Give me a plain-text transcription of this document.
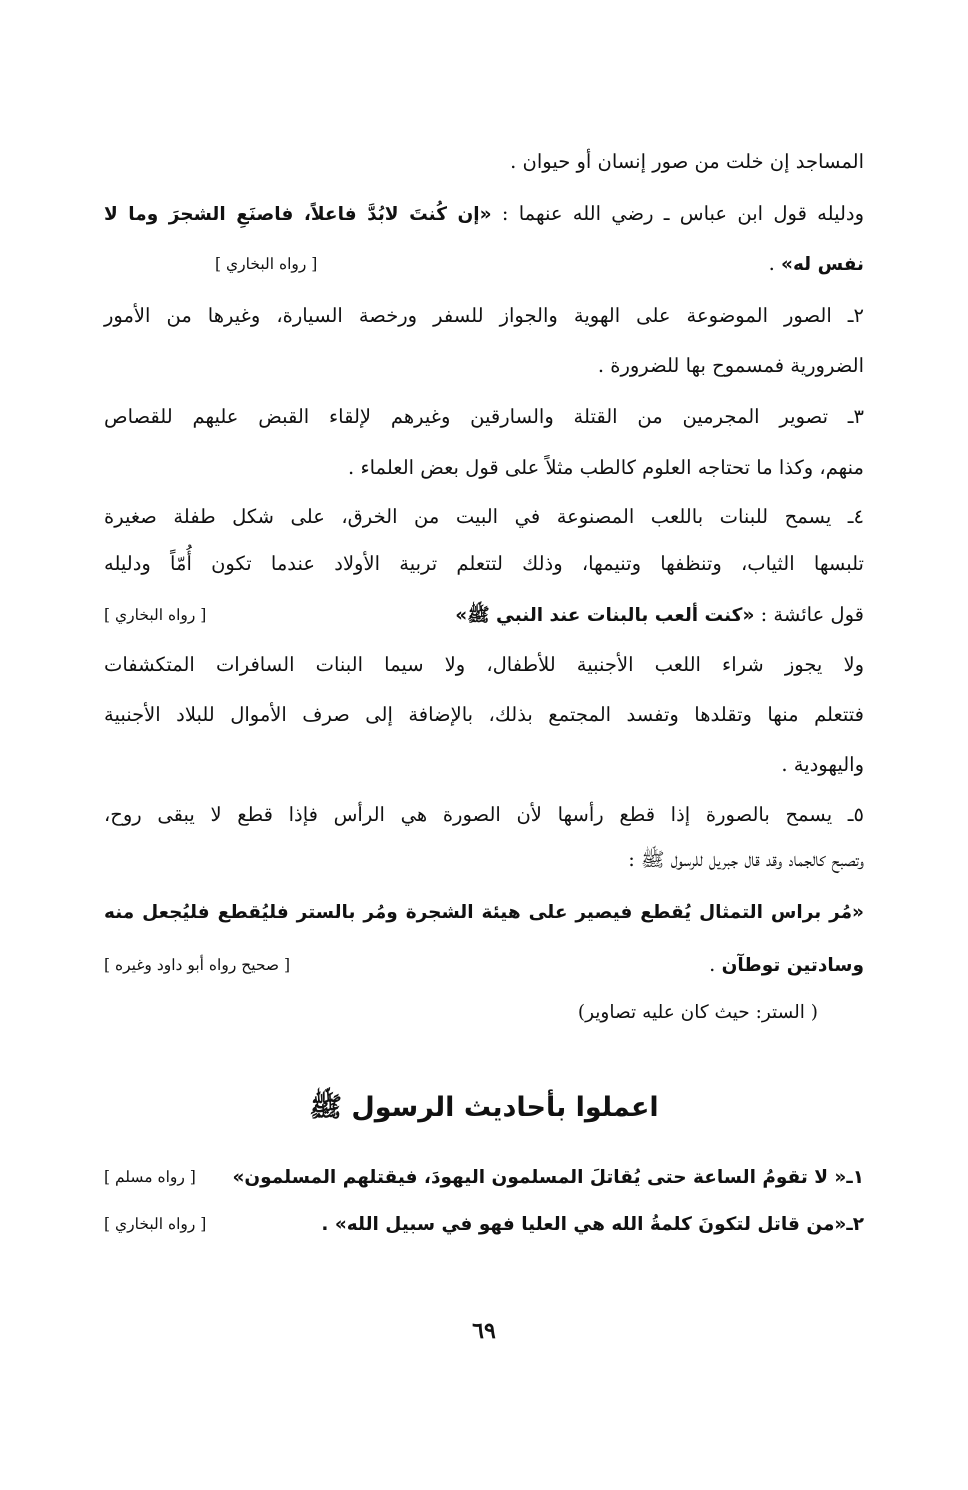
المساجد إن خلت من صور إنسان أو حيوان .
ودليله قول ابن عباس ـ رضي الله عنهما : «إن كُنتَ لابُدَّ فاعلاً، فاصنَعِ الشجرَ وما لا
نفس له» .
[ رواه البخاري ]
٢ـ الصور الموضوعة على الهوية والجواز للسفر ورخصة السيارة، وغيرها من الأمور
الضرورية فمسموح بها للضرورة .
٣ـ تصوير المجرمين من القتلة والسارقين وغيرهم لإلقاء القبض عليهم للقصاص
منهم، وكذا ما تحتاجه العلوم كالطب مثلاً على قول بعض العلماء .
٤ـ يسمح للبنات باللعب المصنوعة في البيت من الخرق، على شكل طفلة صغيرة
تلبسها الثياب، وتنظفها وتنيمها، وذلك لتتعلم تربية الأولاد عندما تكون أُمّاً ودليله
قول عائشة : «كنت ألعب بالبنات عند النبي ﷺ»
[ رواه البخاري ]
ولا يجوز شراء اللعب الأجنبية للأطفال، ولا سيما البنات السافرات المتكشفات
فتتعلم منها وتقلدها وتفسد المجتمع بذلك، بالإضافة إلى صرف الأموال للبلاد الأجنبية
واليهودية .
٥ـ يسمح بالصورة إذا قطع رأسها لأن الصورة هي الرأس فإذا قطع لا يبقى روح،
وتصبح كالجماد وقد قال جبريل للرسول ﷺ :
«مُر براس التمثال يُقطع فيصير على هيئة الشجرة ومُر بالستر فليُقطع فليُجعل منه
وسادتين توطآن .
[ صحيح رواه أبو داود وغيره ]
( الستر: حيث كان عليه تصاوير)
اعملوا بأحاديث الرسول ﷺ
١ـ« لا تقومُ الساعة حتى يُقاتلَ المسلمون اليهودَ، فيقتلهم المسلمون»
[ رواه مسلم ]
٢ـ«من قاتل لتكونَ كلمةُ الله هي العليا فهو في سبيل الله» .
[ رواه البخاري ]
٦٩
